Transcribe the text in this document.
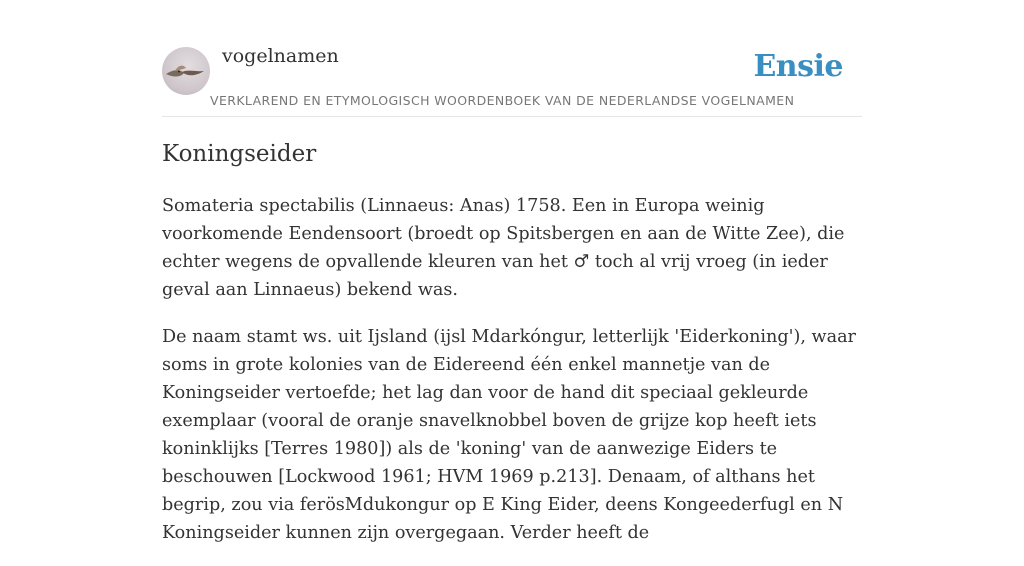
vogelnamen	Ensie
VERKLAREND EN ETYMOLOGISCH WOORDENBOEK VAN DE NEDERLANDSE VOGELNAMEN
Koningseider

Somateria spectabilis (Linnaeus: Anas) 1758. Een in Europa weinig voorkomende Eendensoort (broedt op Spitsbergen en aan de Witte Zee), die echter wegens de opvallende kleuren van het ♂ toch al vrij vroeg (in ieder geval aan Linnaeus) bekend was.

De naam stamt ws. uit Ijsland (ijsl Mdarkóngur, letterlijk 'Eiderkoning'), waar soms in grote kolonies van de Eidereend één enkel mannetje van de Koningseider vertoefde; het lag dan voor de hand dit speciaal gekleurde exemplaar (vooral de oranje snavelknobbel boven de grijze kop heeft iets koninklijks [Terres 1980]) als de 'koning' van de aanwezige Eiders te beschouwen [Lockwood 1961; HVM 1969 p.213]. Denaam, of althans het begrip, zou via ferösMdukongur op E King Eider, deens Kongeederfugl en N Koningseider kunnen zijn overgegaan. Verder heeft de
